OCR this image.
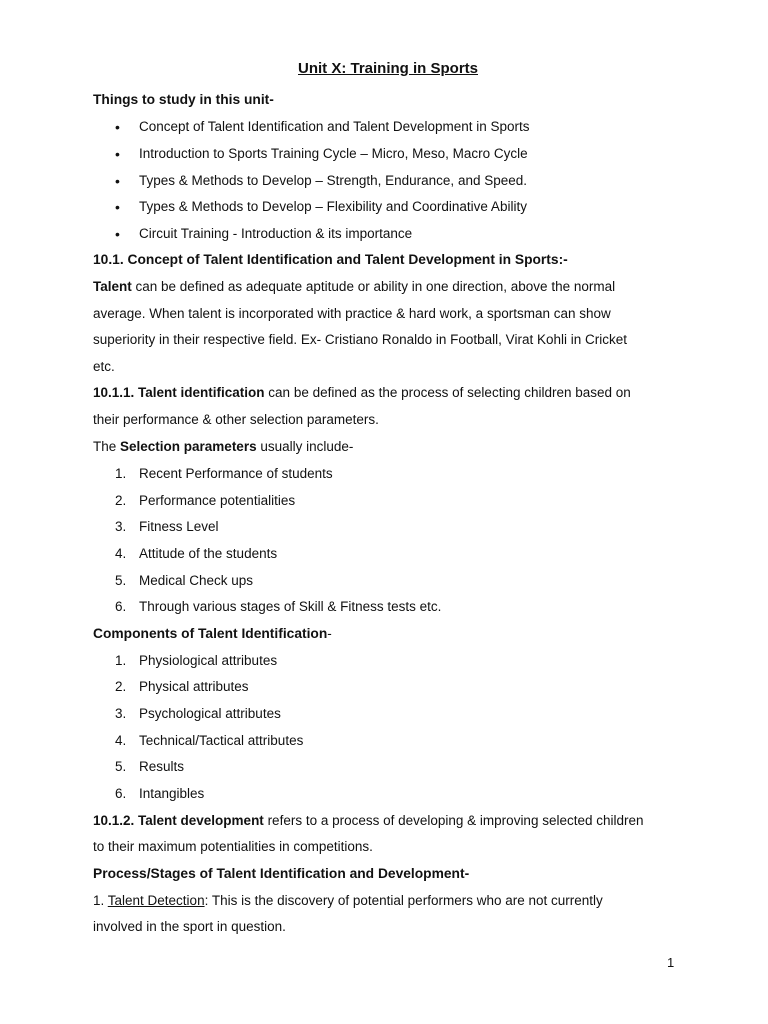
Unit X: Training in Sports
Things to study in this unit-
•	Concept of Talent Identification and Talent Development in Sports
•	Introduction to Sports Training Cycle – Micro, Meso, Macro Cycle
•	Types & Methods to Develop – Strength, Endurance, and Speed.
•	Types & Methods to Develop – Flexibility and Coordinative Ability
•	Circuit Training - Introduction & its importance
10.1. Concept of Talent Identification and Talent Development in Sports:-
Talent can be defined as adequate aptitude or ability in one direction, above the normal
average. When talent is incorporated with practice & hard work, a sportsman can show
superiority in their respective field. Ex- Cristiano Ronaldo in Football, Virat Kohli in Cricket
etc.
10.1.1. Talent identification can be defined as the process of selecting children based on
their performance & other selection parameters.
The Selection parameters usually include-
1. Recent Performance of students
2. Performance potentialities
3. Fitness Level
4. Attitude of the students
5. Medical Check ups
6. Through various stages of Skill & Fitness tests etc.
Components of Talent Identification-
1. Physiological attributes
2. Physical attributes
3. Psychological attributes
4. Technical/Tactical attributes
5. Results
6. Intangibles
10.1.2. Talent development refers to a process of developing & improving selected children
to their maximum potentialities in competitions.
Process/Stages of Talent Identification and Development-
1. Talent Detection: This is the discovery of potential performers who are not currently
involved in the sport in question.
1
